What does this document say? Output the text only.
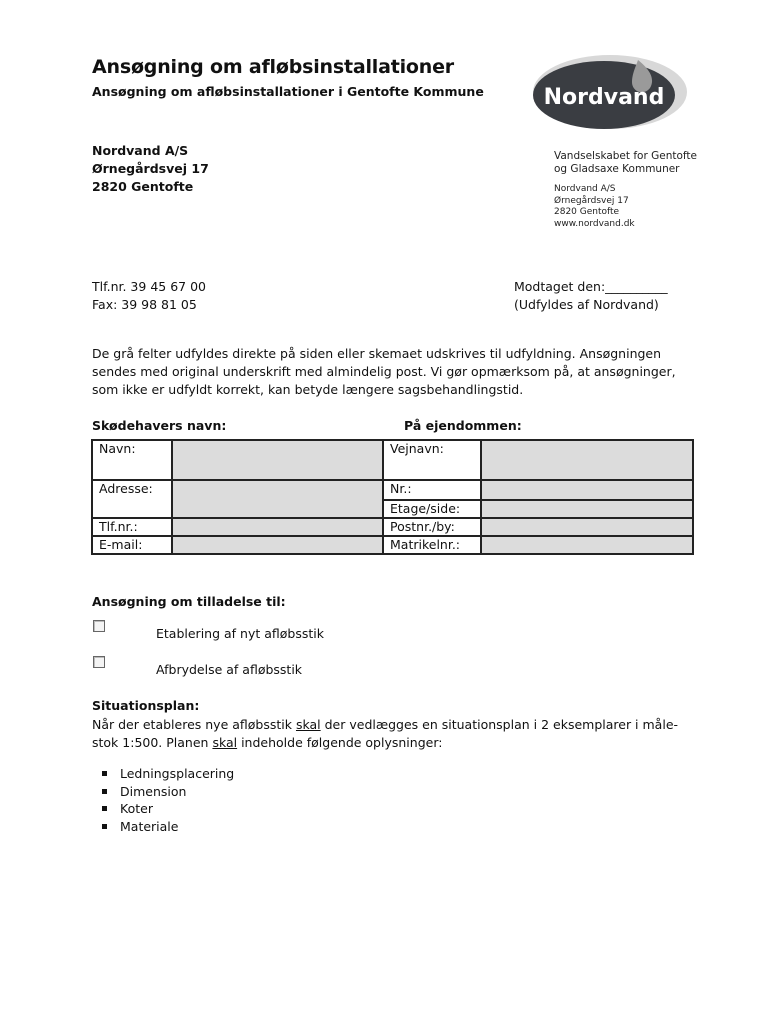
Ansøgning om afløbsinstallationer
Ansøgning om afløbsinstallationer i Gentofte Kommune
Nordvand A/S
Ørnegårdsvej 17
2820 Gentofte
Nordvand
Vandselskabet for Gentofte
og Gladsaxe Kommuner
Nordvand A/S
Ørnegårdsvej 17
2820 Gentofte
www.nordvand.dk
Tlf.nr. 39 45 67 00
Fax: 39 98 81 05
Modtaget den:__________
(Udfyldes af Nordvand)
De grå felter udfyldes direkte på siden eller skemaet udskrives til udfyldning. Ansøgningen sendes med original underskrift med almindelig post. Vi gør opmærksom på, at ansøgninger, som ikke er udfyldt korrekt, kan betyde længere sagsbehandlingstid.
Skødehavers navn:	På ejendommen:
Navn:		Vejnavn:	
Adresse:		Nr.:	
		Etage/side:	
Tlf.nr.:		Postnr./by:	
E-mail:		Matrikelnr.:	
Ansøgning om tilladelse til:
Etablering af nyt afløbsstik
Afbrydelse af afløbsstik
Situationsplan:
Når der etableres nye afløbsstik skal der vedlægges en situationsplan i 2 eksemplarer i måle-stok 1:500. Planen skal indeholde følgende oplysninger:
Ledningsplacering
Dimension
Koter
Materiale
